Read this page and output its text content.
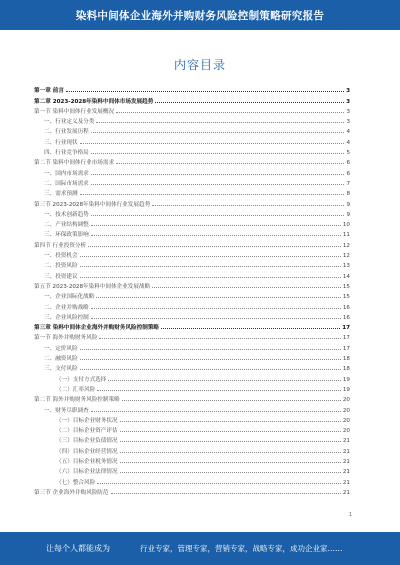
染料中间体企业海外并购财务风险控制策略研究报告
内容目录
第一章 前言	3
第二章 2023-2028年染料中间体市场发展趋势	3
第一节 染料中间体行业发展概况	3
一、行业定义及分类	3
二、行业发展历程	4
三、行业现状	4
四、行业竞争格局	5
第二节 染料中间体行业市场需求	6
一、国内市场需求	6
二、国际市场需求	7
三、需求预测	8
第三节 2023-2028年染料中间体行业发展趋势	9
一、技术创新趋势	9
二、产业结构调整	10
三、环保政策影响	11
第四节 行业投资分析	12
一、投资机会	12
二、投资风险	13
三、投资建议	14
第五节 2023-2028年染料中间体企业发展战略	15
一、企业国际化战略	15
二、企业并购战略	16
三、企业风险控制	16
第三章 染料中间体企业海外并购财务风险控制策略	17
第一节 海外并购财务风险	17
一、定价风险	17
二、融资风险	18
三、支付风险	18
（一）支付方式选择	19
（二）汇率风险	19
第二节 海外并购财务风险控制策略	20
一、财务尽职调查	20
（一）目标企业财务状况	20
（二）目标企业资产评估	20
（三）目标企业负债情况	21
（四）目标企业经营情况	21
（五）目标企业税务情况	21
（六）目标企业法律情况	21
（七）整合风险	21
第三节 企业海外并购风险防范	21
1
让每个人都能成为	行业专家，管理专家，营销专家，战略专家，成功企业家……
